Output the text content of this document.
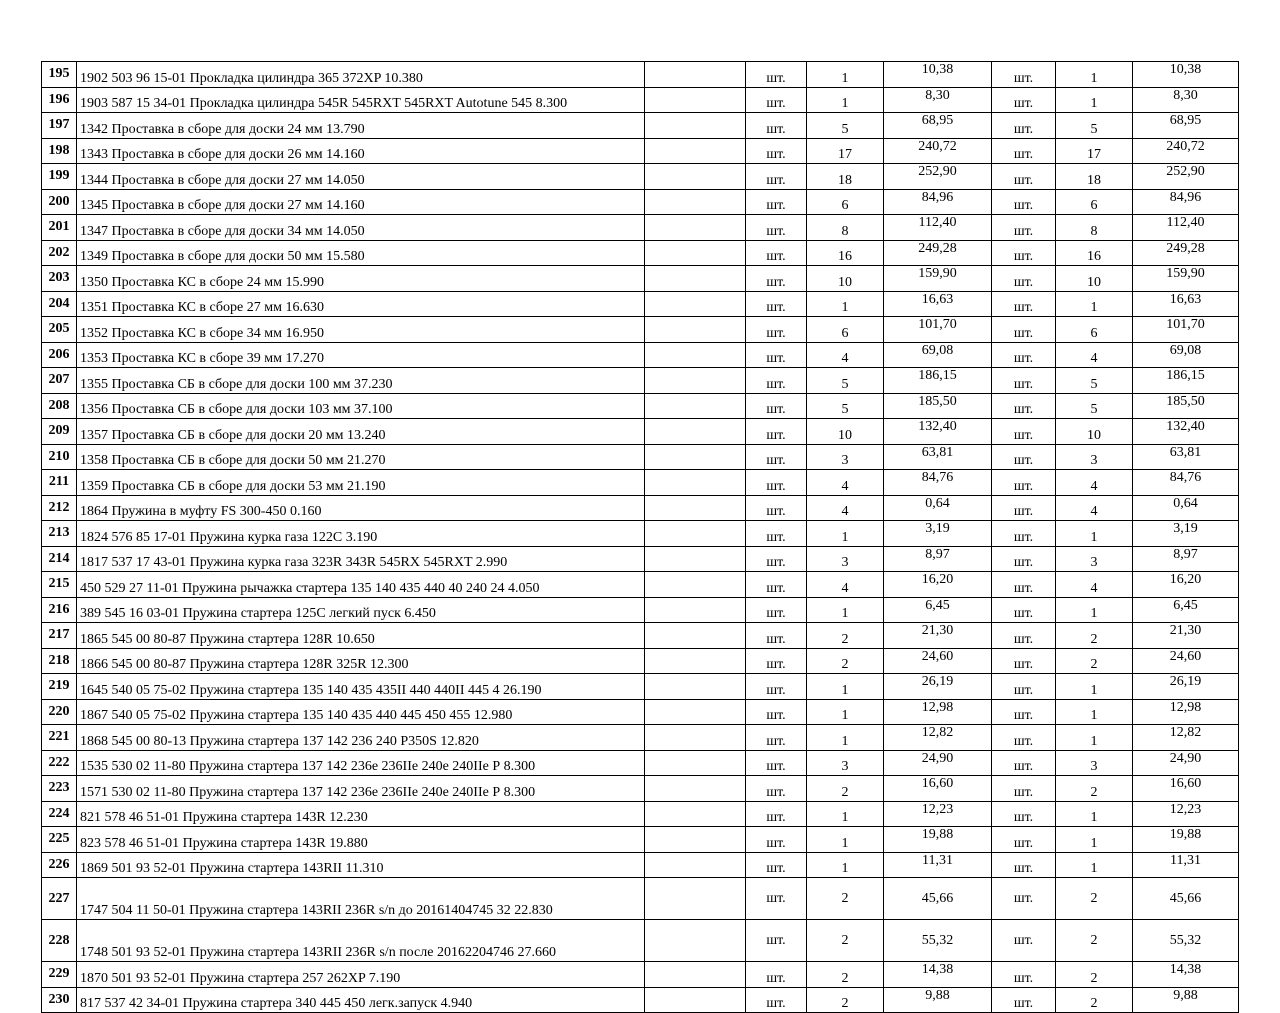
195	1902 503 96 15-01 Прокладка цилиндра 365 372XP 10.380		шт.	1	10,38	шт.	1	10,38
196	1903 587 15 34-01 Прокладка цилиндра 545R 545RXT 545RXT Autotune 545 8.300		шт.	1	8,30	шт.	1	8,30
197	1342 Проставка в сборе для доски 24 мм 13.790		шт.	5	68,95	шт.	5	68,95
198	1343 Проставка в сборе для доски 26 мм 14.160		шт.	17	240,72	шт.	17	240,72
199	1344 Проставка в сборе для доски 27 мм 14.050		шт.	18	252,90	шт.	18	252,90
200	1345 Проставка в сборе для доски 27 мм 14.160		шт.	6	84,96	шт.	6	84,96
201	1347 Проставка в сборе для доски 34 мм 14.050		шт.	8	112,40	шт.	8	112,40
202	1349 Проставка в сборе для доски 50 мм 15.580		шт.	16	249,28	шт.	16	249,28
203	1350 Проставка КС в сборе 24 мм 15.990		шт.	10	159,90	шт.	10	159,90
204	1351 Проставка КС в сборе 27 мм 16.630		шт.	1	16,63	шт.	1	16,63
205	1352 Проставка КС в сборе 34 мм 16.950		шт.	6	101,70	шт.	6	101,70
206	1353 Проставка КС в сборе 39 мм 17.270		шт.	4	69,08	шт.	4	69,08
207	1355 Проставка СБ в сборе для доски 100 мм 37.230		шт.	5	186,15	шт.	5	186,15
208	1356 Проставка СБ в сборе для доски 103 мм 37.100		шт.	5	185,50	шт.	5	185,50
209	1357 Проставка СБ в сборе для доски 20 мм 13.240		шт.	10	132,40	шт.	10	132,40
210	1358 Проставка СБ в сборе для доски 50 мм 21.270		шт.	3	63,81	шт.	3	63,81
211	1359 Проставка СБ в сборе для доски 53 мм 21.190		шт.	4	84,76	шт.	4	84,76
212	1864 Пружина в муфту FS 300-450 0.160		шт.	4	0,64	шт.	4	0,64
213	1824 576 85 17-01 Пружина курка газа 122С 3.190		шт.	1	3,19	шт.	1	3,19
214	1817 537 17 43-01 Пружина курка газа 323R 343R 545RX 545RXT 2.990		шт.	3	8,97	шт.	3	8,97
215	450 529 27 11-01 Пружина рычажка стартера 135 140 435 440 40 240 24 4.050		шт.	4	16,20	шт.	4	16,20
216	389 545 16 03-01 Пружина стартера 125С легкий пуск 6.450		шт.	1	6,45	шт.	1	6,45
217	1865 545 00 80-87 Пружина стартера 128R 10.650		шт.	2	21,30	шт.	2	21,30
218	1866 545 00 80-87 Пружина стартера 128R 325R 12.300		шт.	2	24,60	шт.	2	24,60
219	1645 540 05 75-02 Пружина стартера 135 140 435 435II 440 440II 445 4 26.190		шт.	1	26,19	шт.	1	26,19
220	1867 540 05 75-02 Пружина стартера 135 140 435 440 445 450 455 12.980		шт.	1	12,98	шт.	1	12,98
221	1868 545 00 80-13 Пружина стартера 137 142 236 240 P350S 12.820		шт.	1	12,82	шт.	1	12,82
222	1535 530 02 11-80 Пружина стартера 137 142 236е 236IIе 240е 240IIе Р 8.300		шт.	3	24,90	шт.	3	24,90
223	1571 530 02 11-80 Пружина стартера 137 142 236е 236IIе 240е 240IIе Р 8.300		шт.	2	16,60	шт.	2	16,60
224	821 578 46 51-01 Пружина стартера 143R 12.230		шт.	1	12,23	шт.	1	12,23
225	823 578 46 51-01 Пружина стартера 143R 19.880		шт.	1	19,88	шт.	1	19,88
226	1869 501 93 52-01 Пружина стартера 143RII 11.310		шт.	1	11,31	шт.	1	11,31
227	1747 504 11 50-01 Пружина стартера 143RII 236R s/n до 20161404745 32 22.830		шт.	2	45,66	шт.	2	45,66
228	1748 501 93 52-01 Пружина стартера 143RII 236R s/n после 20162204746 27.660		шт.	2	55,32	шт.	2	55,32
229	1870 501 93 52-01 Пружина стартера 257 262XP 7.190		шт.	2	14,38	шт.	2	14,38
230	817 537 42 34-01 Пружина стартера 340 445 450 легк.запуск 4.940		шт.	2	9,88	шт.	2	9,88
